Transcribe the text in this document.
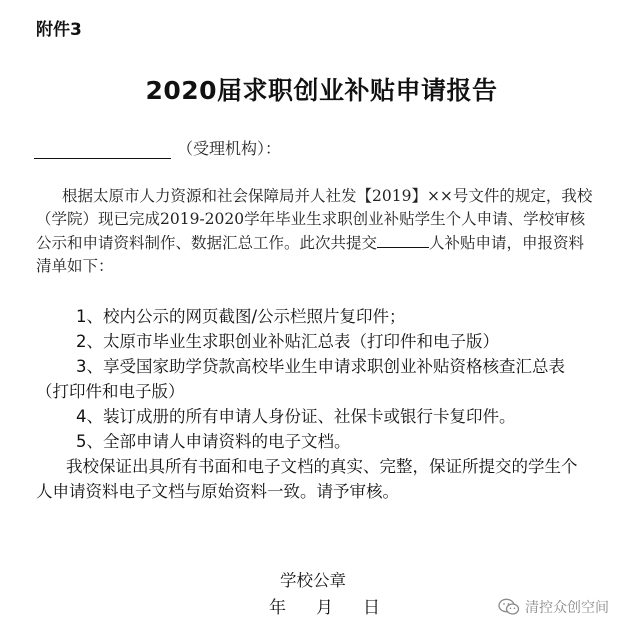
附件3
2020届求职创业补贴申请报告
（受理机构）：
根据太原市人力资源和社会保障局并人社发【2019】××号文件的规定，我校（学院）现已完成2019-2020学年毕业生求职创业补贴学生个人申请、学校审核公示和申请资料制作、数据汇总工作。此次共提交	人补贴申请，申报资料清单如下：

1、校内公示的网页截图/公示栏照片复印件；

2、太原市毕业生求职创业补贴汇总表（打印件和电子版）

3、享受国家助学贷款高校毕业生申请求职创业补贴资格核查汇总表（打印件和电子版）

4、装订成册的所有申请人身份证、社保卡或银行卡复印件。

5、全部申请人申请资料的电子文档。

我校保证出具所有书面和电子文档的真实、完整，保证所提交的学生个人申请资料电子文档与原始资料一致。请予审核。

学校公章
年 月 日	清控众创空间
